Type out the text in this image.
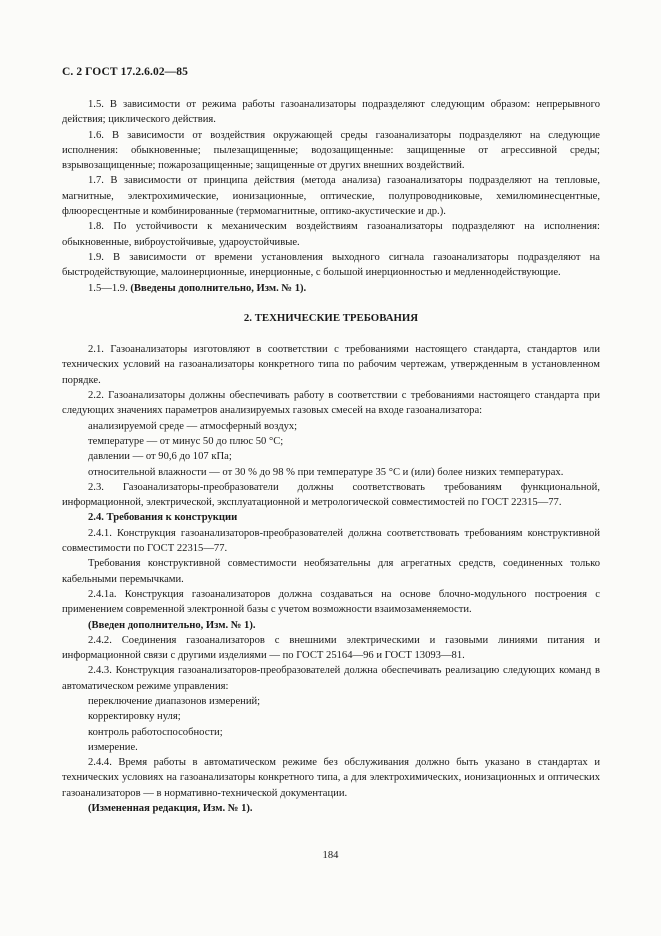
С. 2 ГОСТ 17.2.6.02—85

1.5. В зависимости от режима работы газоанализаторы подразделяют следующим образом: непрерывного действия; циклического действия.

1.6. В зависимости от воздействия окружающей среды газоанализаторы подразделяют на следующие исполнения: обыкновенные; пылезащищенные; водозащищенные: защищенные от агрессивной среды; взрывозащищенные; пожарозащищенные; защищенные от других внешних воздействий.

1.7. В зависимости от принципа действия (метода анализа) газоанализаторы подразделяют на тепловые, магнитные, электрохимические, ионизационные, оптические, полупроводниковые, хемилюминесцентные, флюоресцентные и комбинированные (термомагнитные, оптико-акустические и др.).

1.8. По устойчивости к механическим воздействиям газоанализаторы подразделяют на исполнения: обыкновенные, виброустойчивые, удароустойчивые.

1.9. В зависимости от времени установления выходного сигнала газоанализаторы подразделяют на быстродействующие, малоинерционные, инерционные, с большой инерционностью и медленнодействующие.

1.5—1.9. (Введены дополнительно, Изм. № 1).

2. ТЕХНИЧЕСКИЕ ТРЕБОВАНИЯ

2.1. Газоанализаторы изготовляют в соответствии с требованиями настоящего стандарта, стандартов или технических условий на газоанализаторы конкретного типа по рабочим чертежам, утвержденным в установленном порядке.

2.2. Газоанализаторы должны обеспечивать работу в соответствии с требованиями настоящего стандарта при следующих значениях параметров анализируемых газовых смесей на входе газоанализатора:

анализируемой среде — атмосферный воздух;

температуре — от минус 50 до плюс 50 °С;

давлении — от 90,6 до 107 кПа;

относительной влажности — от 30 % до 98 % при температуре 35 °С и (или) более низких температурах.

2.3. Газоанализаторы-преобразователи должны соответствовать требованиям функциональной, информационной, электрической, эксплуатационной и метрологической совместимостей по ГОСТ 22315—77.

2.4. Требования к конструкции

2.4.1. Конструкция газоанализаторов-преобразователей должна соответствовать требованиям конструктивной совместимости по ГОСТ 22315—77.

Требования конструктивной совместимости необязательны для агрегатных средств, соединенных только кабельными перемычками.

2.4.1а. Конструкция газоанализаторов должна создаваться на основе блочно-модульного построения с применением современной электронной базы с учетом возможности взаимозаменяемости.

(Введен дополнительно, Изм. № 1).

2.4.2. Соединения газоанализаторов с внешними электрическими и газовыми линиями питания и информационной связи с другими изделиями — по ГОСТ 25164—96 и ГОСТ 13093—81.

2.4.3. Конструкция газоанализаторов-преобразователей должна обеспечивать реализацию следующих команд в автоматическом режиме управления:

переключение диапазонов измерений;

корректировку нуля;

контроль работоспособности;

измерение.

2.4.4. Время работы в автоматическом режиме без обслуживания должно быть указано в стандартах и технических условиях на газоанализаторы конкретного типа, а для электрохимических, ионизационных и оптических газоанализаторов — в нормативно-технической документации.

(Измененная редакция, Изм. № 1).

184
